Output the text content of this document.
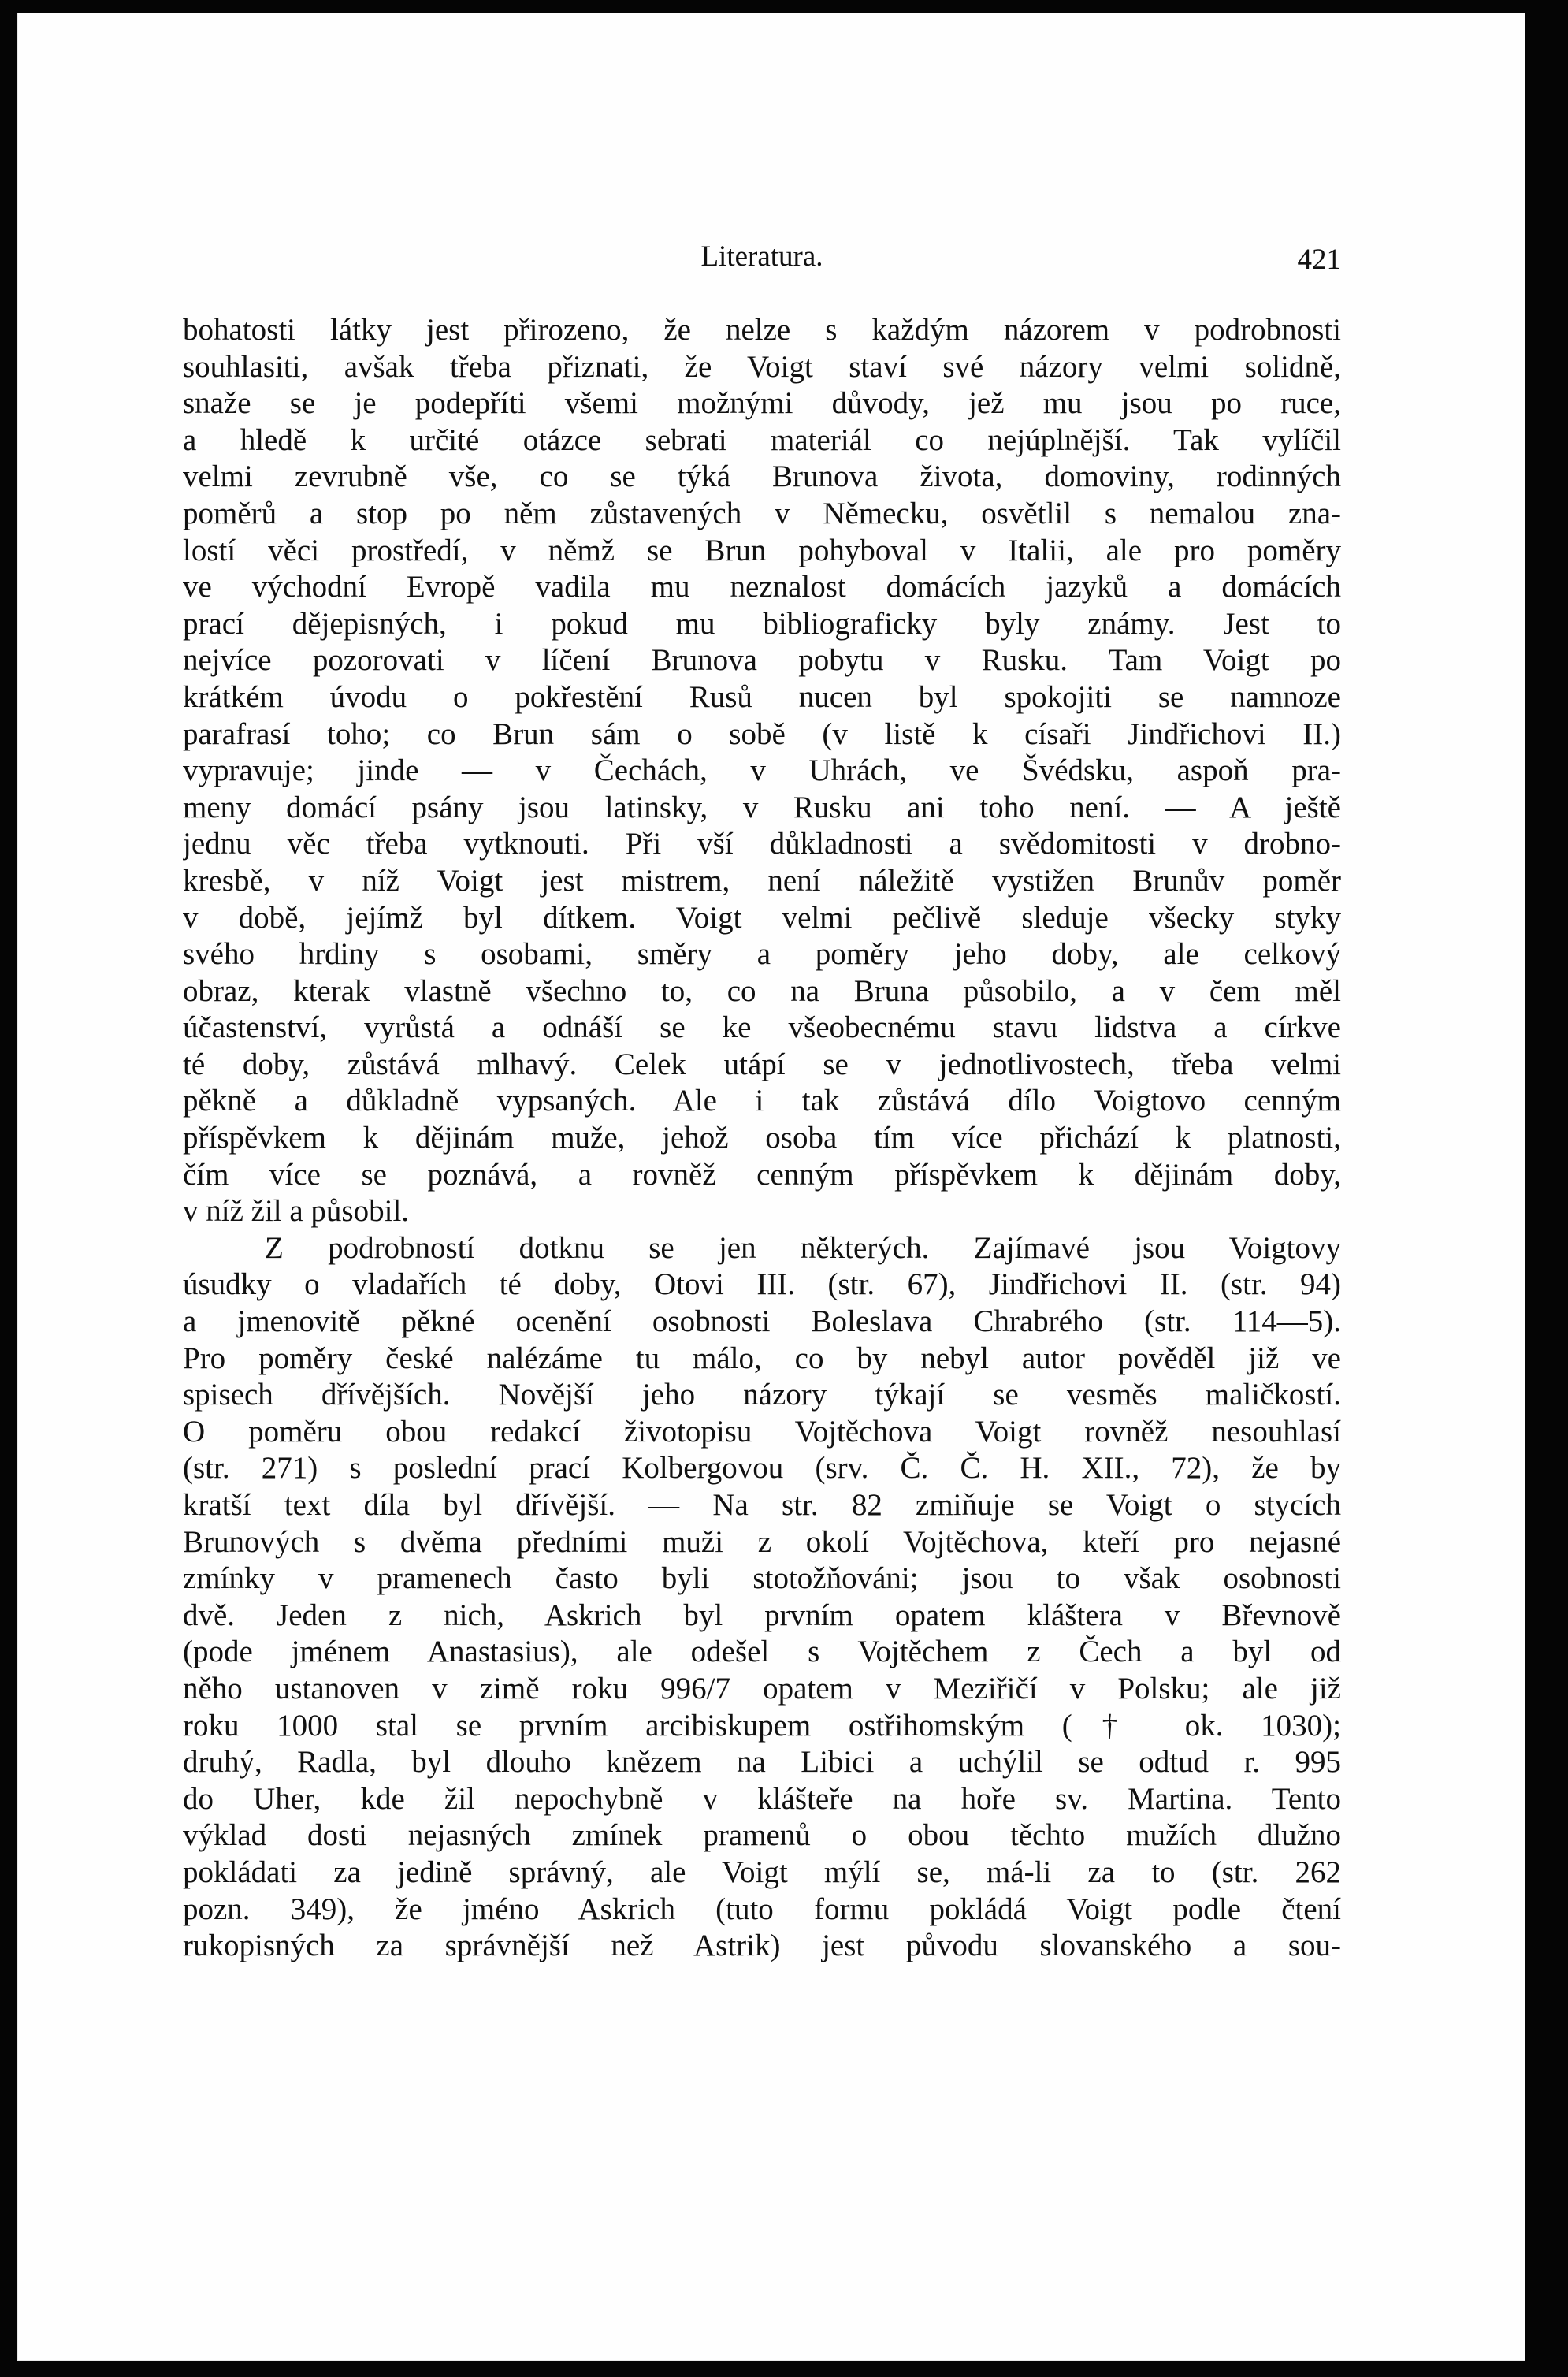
Literatura.	421
bohatosti látky jest přirozeno, že nelze s každým názorem v podrobnosti
souhlasiti, avšak třeba přiznati, že Voigt staví své názory velmi solidně,
snaže se je podepříti všemi možnými důvody, jež mu jsou po ruce,
a hledě k určité otázce sebrati materiál co nejúplnější. Tak vylíčil
velmi zevrubně vše, co se týká Brunova života, domoviny, rodinných
poměrů a stop po něm zůstavených v Německu, osvětlil s nemalou zna-
lostí věci prostředí, v němž se Brun pohyboval v Italii, ale pro poměry
ve východní Evropě vadila mu neznalost domácích jazyků a domácích
prací dějepisných, i pokud mu bibliograficky byly známy. Jest to
nejvíce pozorovati v líčení Brunova pobytu v Rusku. Tam Voigt po
krátkém úvodu o pokřestění Rusů nucen byl spokojiti se namnoze
parafrasí toho; co Brun sám o sobě (v listě k císaři Jindřichovi II.)
vypravuje; jinde — v Čechách, v Uhrách, ve Švédsku, aspoň pra-
meny domácí psány jsou latinsky, v Rusku ani toho není. — A ještě
jednu věc třeba vytknouti. Při vší důkladnosti a svědomitosti v drobno-
kresbě, v níž Voigt jest mistrem, není náležitě vystižen Brunův poměr
v době, jejímž byl dítkem. Voigt velmi pečlivě sleduje všecky styky
svého hrdiny s osobami, směry a poměry jeho doby, ale celkový
obraz, kterak vlastně všechno to, co na Bruna působilo, a v čem měl
účastenství, vyrůstá a odnáší se ke všeobecnému stavu lidstva a církve
té doby, zůstává mlhavý. Celek utápí se v jednotlivostech, třeba velmi
pěkně a důkladně vypsaných. Ale i tak zůstává dílo Voigtovo cenným
příspěvkem k dějinám muže, jehož osoba tím více přichází k platnosti,
čím více se poznává, a rovněž cenným příspěvkem k dějinám doby,
v níž žil a působil.
Z podrobností dotknu se jen některých. Zajímavé jsou Voigtovy
úsudky o vladařích té doby, Otovi III. (str. 67), Jindřichovi II. (str. 94)
a jmenovitě pěkné ocenění osobnosti Boleslava Chrabrého (str. 114—5).
Pro poměry české nalézáme tu málo, co by nebyl autor pověděl již ve
spisech dřívějších. Novější jeho názory týkají se vesměs maličkostí.
O poměru obou redakcí životopisu Vojtěchova Voigt rovněž nesouhlasí
(str. 271) s poslední prací Kolbergovou (srv. Č. Č. H. XII., 72), že by
kratší text díla byl dřívější. — Na str. 82 zmiňuje se Voigt o stycích
Brunových s dvěma předními muži z okolí Vojtěchova, kteří pro nejasné
zmínky v pramenech často byli stotožňováni; jsou to však osobnosti
dvě. Jeden z nich, Askrich byl prvním opatem kláštera v Břevnově
(pode jménem Anastasius), ale odešel s Vojtěchem z Čech a byl od
něho ustanoven v zimě roku 996/7 opatem v Meziřičí v Polsku; ale již
roku 1000 stal se prvním arcibiskupem ostřihomským († ok. 1030);
druhý, Radla, byl dlouho knězem na Libici a uchýlil se odtud r. 995
do Uher, kde žil nepochybně v klášteře na hoře sv. Martina. Tento
výklad dosti nejasných zmínek pramenů o obou těchto mužích dlužno
pokládati za jedině správný, ale Voigt mýlí se, má-li za to (str. 262
pozn. 349), že jméno Askrich (tuto formu pokládá Voigt podle čtení
rukopisných za správnější než Astrik) jest původu slovanského a sou-
